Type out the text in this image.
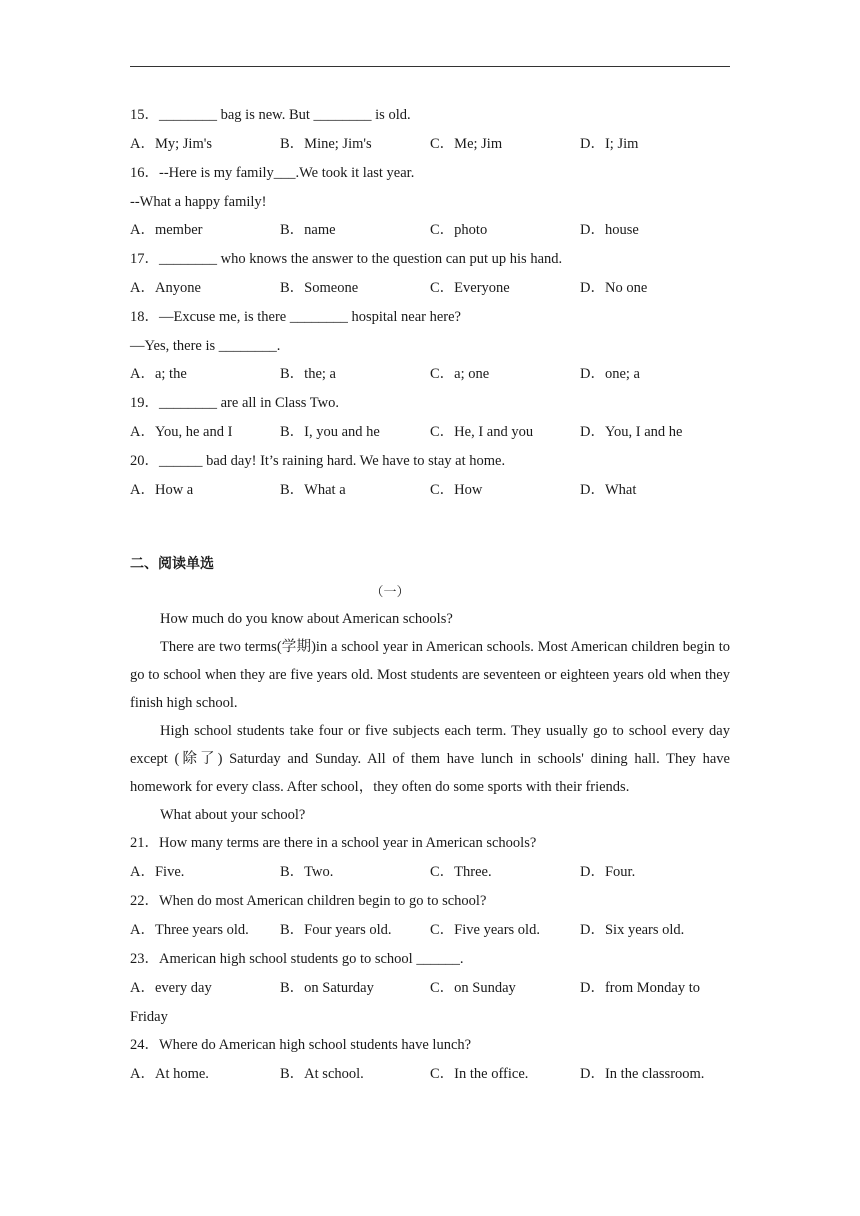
15．________ bag is new. But ________ is old.
A．My; Jim's	B．Mine; Jim's	C．Me; Jim	D．I; Jim
16．--Here is my family___.We took it last year.
--What a happy family!
A．member	B．name	C．photo	D．house
17．________ who knows the answer to the question can put up his hand.
A．Anyone	B．Someone	C．Everyone	D．No one
18．—Excuse me, is there ________ hospital near here?
—Yes, there is ________.
A．a; the	B．the; a	C．a; one	D．one; a
19．________ are all in Class Two.
A．You, he and I	B．I, you and he	C．He, I and you	D．You, I and he
20．______ bad day! It’s raining hard. We have to stay at home.
A．How a	B．What a	C．How	D．What
二、阅读单选
（一）

How much do you know about American schools?

There are two terms(学期)in a school year in American schools. Most American children begin to go to school when they are five years old. Most students are seventeen or eighteen years old when they finish high school.

High school students take four or five subjects each term. They usually go to school every day except (除了) Saturday and Sunday. All of them have lunch in schools' dining hall. They have homework for every class. After school，they often do some sports with their friends.

What about your school?

21．How many terms are there in a school year in American schools?
A．Five.	B．Two.	C．Three.	D．Four.
22．When do most American children begin to go to school?
A．Three years old. B．Four years old.	C．Five years old.	D．Six years old.
23．American high school students go to school ______.
A．every day	B．on Saturday	C．on Sunday	D．from Monday to
Friday
24．Where do American high school students have lunch?
A．At home.	B．At school.	C．In the office.	D．In the classroom.
